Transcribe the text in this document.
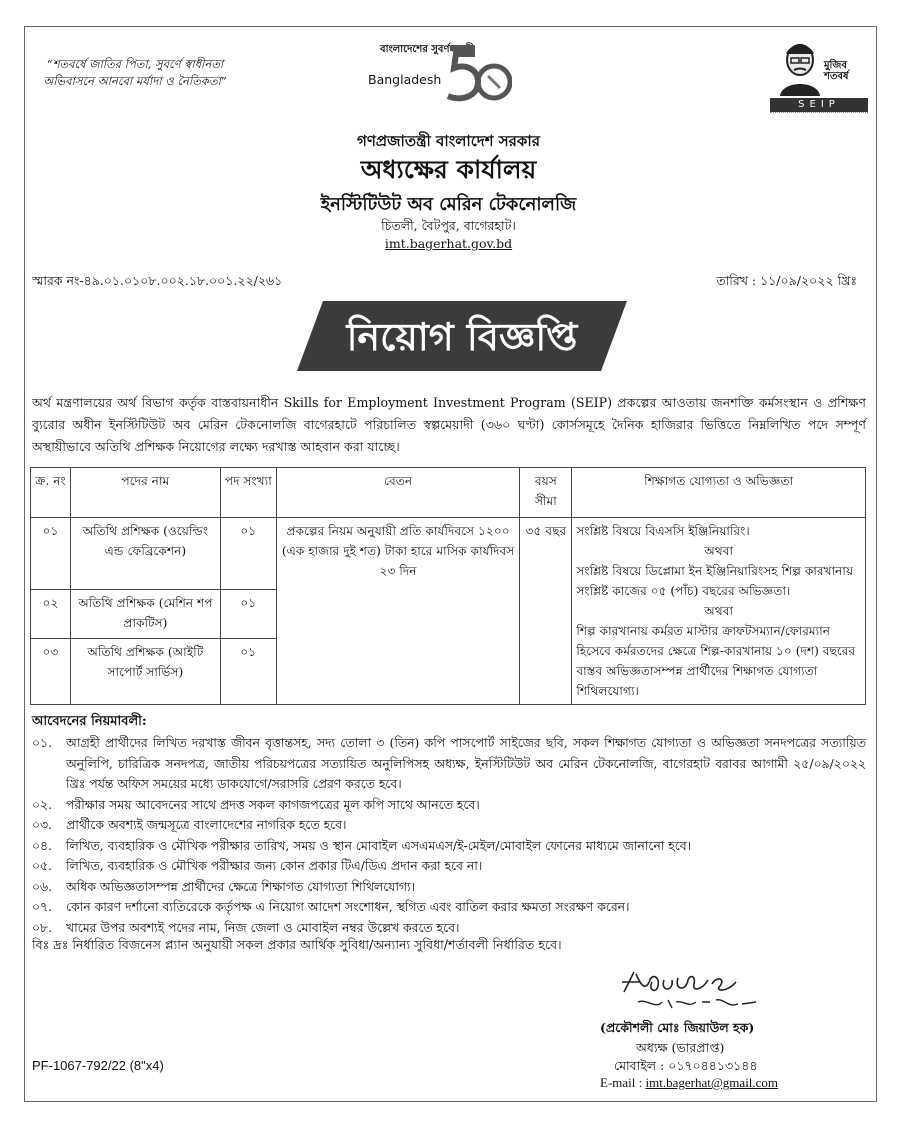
“শতবর্ষে জাতির পিতা, সুবর্ণে স্বাধীনতা
অভিবাসনে আনবো মর্যাদা ও নৈতিকতা”
বাংলাদেশের সুবর্ণজয়ন্তী
Bangladesh
মুজিব শতবর্ষ
SEIP
গণপ্রজাতন্ত্রী বাংলাদেশ সরকার
অধ্যক্ষের কার্যালয়
ইনস্টিটিউট অব মেরিন টেকনোলজি
চিতলী, বৈটপুর, বাগেরহাট।
imt.bagerhat.gov.bd
স্মারক নং-৪৯.০১.০১০৮.০০২.১৮.০০১.২২/২৬১	তারিখ : ১১/০৯/২০২২ খ্রিঃ
নিয়োগ বিজ্ঞপ্তি
অর্থ মন্ত্রণালয়ের অর্থ বিভাগ কর্তৃক বাস্তবায়নাধীন Skills for Employment Investment Program (SEIP) প্রকল্পের আওতায় জনশক্তি কর্মসংস্থান ও প্রশিক্ষণ ব্যুরোর অধীন ইনস্টিটিউট অব মেরিন টেকনোলজি বাগেরহাটে পরিচালিত স্বল্পমেয়াদী (৩৬০ ঘণ্টা) কোর্সসমূহে দৈনিক হাজিরার ভিত্তিতে নিম্নলিখিত পদে সম্পূর্ণ অস্থায়ীভাবে অতিথি প্রশিক্ষক নিয়োগের লক্ষ্যে দরখাস্ত আহবান করা যাচ্ছে।
ক্র. নং	পদের নাম	পদ সংখ্যা	বেতন	বয়স সীমা	শিক্ষাগত যোগ্যতা ও অভিজ্ঞতা
০১	অতিথি প্রশিক্ষক (ওয়েল্ডিং এন্ড ফেব্রিকেশন)	০১	প্রকল্পের নিয়ম অনুযায়ী প্রতি কার্যদিবসে ১২০০ (এক হাজার দুই শত) টাকা হারে মাসিক কার্যদিবস ২৩ দিন	৩৫ বছর	সংশ্লিষ্ট বিষয়ে বিএসসি ইঞ্জিনিয়ারিং।
অথবা
সংশ্লিষ্ট বিষয়ে ডিপ্লোমা ইন ইঞ্জিনিয়ারিংসহ শিল্প কারখানায় সংশ্লিষ্ট কাজের ০৫ (পাঁচ) বছরের অভিজ্ঞতা।
অথবা
শিল্প কারখানায় কর্মরত মাস্টার ক্রাফটসম্যান/ফোরম্যান হিসেবে কর্মরতদের ক্ষেত্রে শিল্প-কারখানায় ১০ (দশ) বছরের বাস্তব অভিজ্ঞতাসম্পন্ন প্রার্থীদের শিক্ষাগত যোগ্যতা শিথিলযোগ্য।

০২	অতিথি প্রশিক্ষক (মেশিন শপ প্রাকটিস)	০১			
০৩	অতিথি প্রশিক্ষক (আইটি সাপোর্ট সার্ভিস)	০১			
আবেদনের নিয়মাবলী:
০১.	আগ্রহী প্রার্থীদের লিখিত দরখাস্ত জীবন বৃত্তান্তসহ, সদ্য তোলা ৩ (তিন) কপি পাসপোর্ট সাইজের ছবি, সকল শিক্ষাগত যোগ্যতা ও অভিজ্ঞতা সনদপত্রের সত্যায়িত অনুলিপি, চারিত্রিক সনদপত্র, জাতীয় পরিচয়পত্রের সত্যায়িত অনুলিপিসহ অধ্যক্ষ, ইনস্টিটিউট অব মেরিন টেকনোলজি, বাগেরহাট বরাবর আগামী ২৫/০৯/২০২২ খ্রিঃ পর্যন্ত অফিস সময়ের মধ্যে ডাকযোগে/সরাসরি প্রেরণ করতে হবে।
০২.	পরীক্ষার সময় আবেদনের সাথে প্রদত্ত সকল কাগজপত্রের মূল কপি সাথে আনতে হবে।
০৩.	প্রার্থীকে অবশ্যই জন্মসূত্রে বাংলাদেশের নাগরিক হতে হবে।
০৪.	লিখিত, ব্যবহারিক ও মৌখিক পরীক্ষার তারিখ, সময় ও স্থান মোবাইল এসএমএস/ই-মেইল/মোবাইল ফোনের মাধ্যমে জানানো হবে।
০৫.	লিখিত, ব্যবহারিক ও মৌখিক পরীক্ষার জন্য কোন প্রকার টিএ/ডিএ প্রদান করা হবে না।
০৬.	অধিক অভিজ্ঞতাসম্পন্ন প্রার্থীদের ক্ষেত্রে শিক্ষাগত যোগ্যতা শিথিলযোগ্য।
০৭.	কোন কারণ দর্শানো ব্যতিরেকে কর্তৃপক্ষ এ নিয়োগ আদেশ সংশোধন, স্থগিত এবং বাতিল করার ক্ষমতা সংরক্ষণ করেন।
০৮.	খামের উপর অবশ্যই পদের নাম, নিজ জেলা ও মোবাইল নম্বর উল্লেখ করতে হবে।
বিঃ দ্রঃ নির্ধারিত বিজনেস প্ল্যান অনুযায়ী সকল প্রকার আর্থিক সুবিধা/অন্যান্য সুবিধা/শর্তাবলী নির্ধারিত হবে।
(প্রকৌশলী মোঃ জিয়াউল হক)
অধ্যক্ষ (ভারপ্রাপ্ত)
মোবাইল : ০১৭০৪৪১৩১৪৪
E-mail : imt.bagerhat@gmail.com
PF-1067-792/22 (8"x4)
